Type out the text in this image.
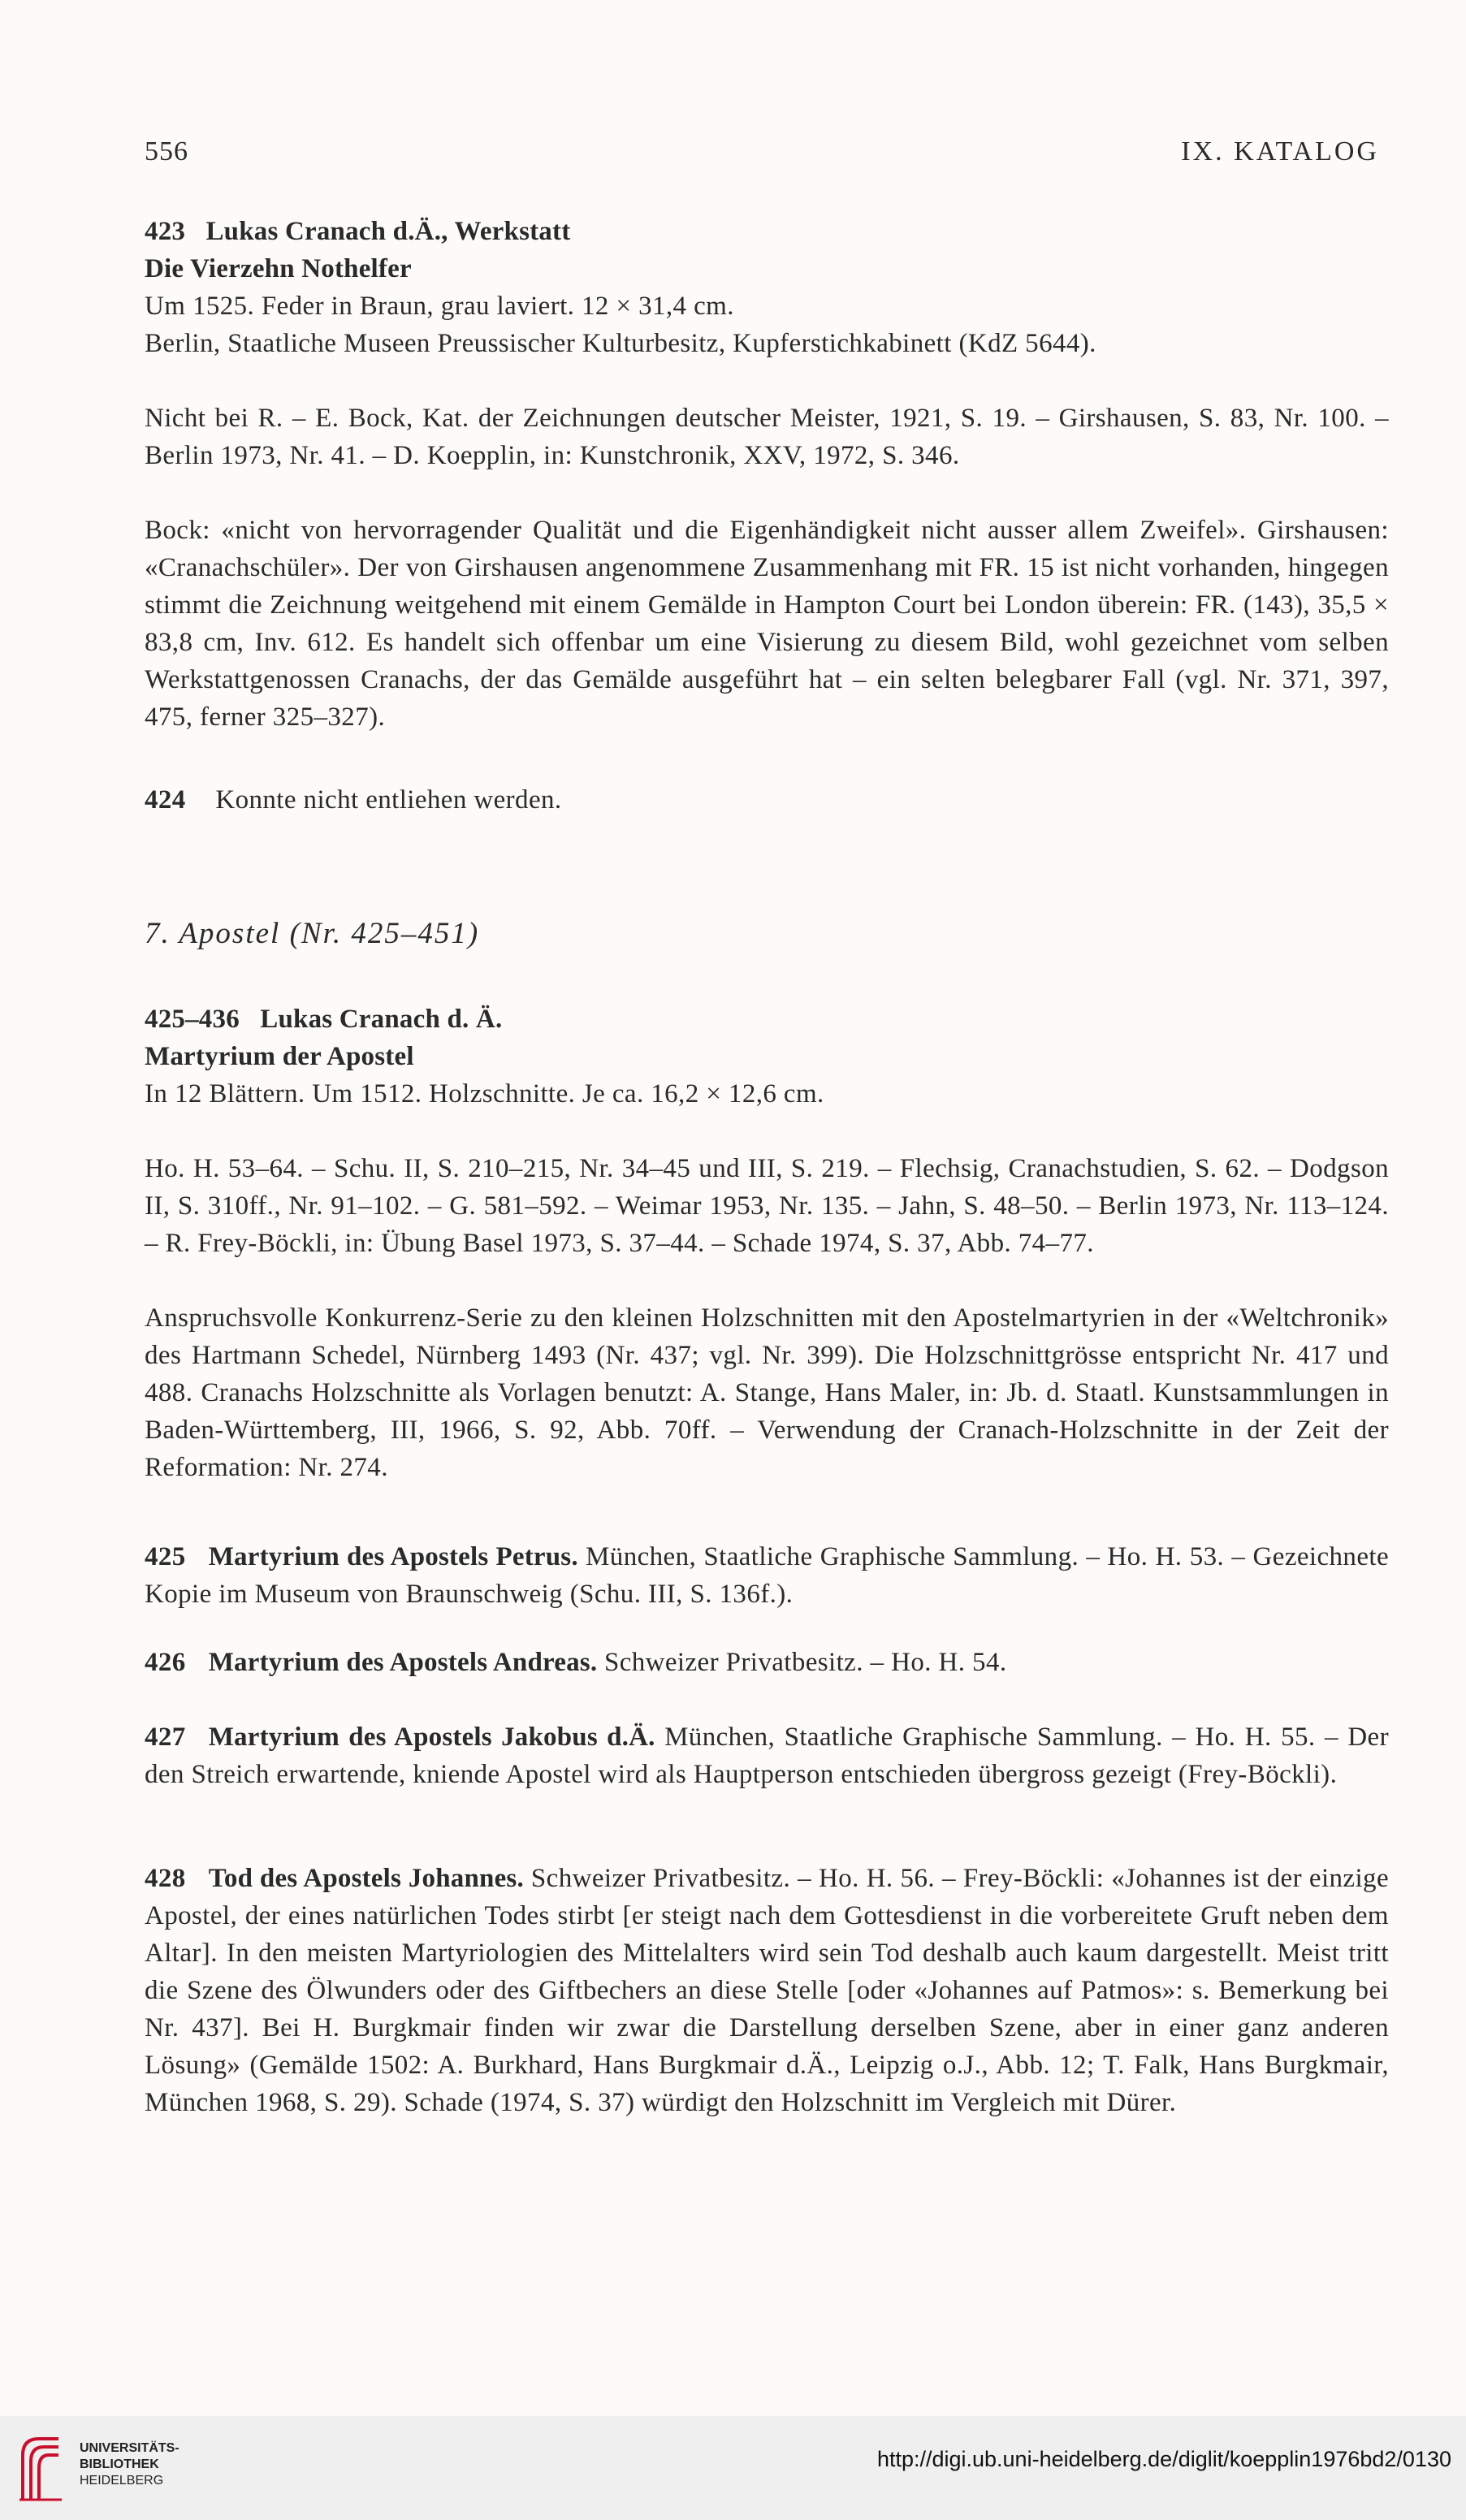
556	IX. KATALOG

423 Lukas Cranach d.Ä., Werkstatt

Die Vierzehn Nothelfer

Um 1525. Feder in Braun, grau laviert. 12 × 31,4 cm.

Berlin, Staatliche Museen Preussischer Kulturbesitz, Kupferstichkabinett (KdZ 5644).

Nicht bei R. – E. Bock, Kat. der Zeichnungen deutscher Meister, 1921, S. 19. – Girshausen, S. 83, Nr. 100. – Berlin 1973, Nr. 41. – D. Koepplin, in: Kunstchronik, XXV, 1972, S. 346.

Bock: «nicht von hervorragender Qualität und die Eigenhändigkeit nicht ausser allem Zweifel». Girshausen: «Cranachschüler». Der von Girshausen angenommene Zusammenhang mit FR. 15 ist nicht vorhanden, hingegen stimmt die Zeichnung weitgehend mit einem Gemälde in Hampton Court bei London überein: FR. (143), 35,5 × 83,8 cm, Inv. 612. Es handelt sich offenbar um eine Visierung zu diesem Bild, wohl gezeichnet vom selben Werkstattgenossen Cranachs, der das Gemälde ausgeführt hat – ein selten belegbarer Fall (vgl. Nr. 371, 397, 475, ferner 325–327).

424 Konnte nicht entliehen werden.

7. Apostel (Nr. 425–451)

425–436 Lukas Cranach d. Ä.

Martyrium der Apostel

In 12 Blättern. Um 1512. Holzschnitte. Je ca. 16,2 × 12,6 cm.

Ho. H. 53–64. – Schu. II, S. 210–215, Nr. 34–45 und III, S. 219. – Flechsig, Cranachstudien, S. 62. – Dodgson II, S. 310ff., Nr. 91–102. – G. 581–592. – Weimar 1953, Nr. 135. – Jahn, S. 48–50. – Berlin 1973, Nr. 113–124. – R. Frey-Böckli, in: Übung Basel 1973, S. 37–44. – Schade 1974, S. 37, Abb. 74–77.

Anspruchsvolle Konkurrenz-Serie zu den kleinen Holzschnitten mit den Apostelmartyrien in der «Weltchronik» des Hartmann Schedel, Nürnberg 1493 (Nr. 437; vgl. Nr. 399). Die Holzschnittgrösse entspricht Nr. 417 und 488. Cranachs Holzschnitte als Vorlagen benutzt: A. Stange, Hans Maler, in: Jb. d. Staatl. Kunstsammlungen in Baden-Württemberg, III, 1966, S. 92, Abb. 70ff. – Verwendung der Cranach-Holzschnitte in der Zeit der Reformation: Nr. 274.

425 Martyrium des Apostels Petrus. München, Staatliche Graphische Sammlung. – Ho. H. 53. – Gezeichnete Kopie im Museum von Braunschweig (Schu. III, S. 136f.).

426 Martyrium des Apostels Andreas. Schweizer Privatbesitz. – Ho. H. 54.

427 Martyrium des Apostels Jakobus d.Ä. München, Staatliche Graphische Sammlung. – Ho. H. 55. – Der den Streich erwartende, kniende Apostel wird als Hauptperson entschieden übergross gezeigt (Frey-Böckli).

428 Tod des Apostels Johannes. Schweizer Privatbesitz. – Ho. H. 56. – Frey-Böckli: «Johannes ist der einzige Apostel, der eines natürlichen Todes stirbt [er steigt nach dem Gottesdienst in die vorbereitete Gruft neben dem Altar]. In den meisten Martyriologien des Mittelalters wird sein Tod deshalb auch kaum dargestellt. Meist tritt die Szene des Ölwunders oder des Giftbechers an diese Stelle [oder «Johannes auf Patmos»: s. Bemerkung bei Nr. 437]. Bei H. Burgkmair finden wir zwar die Darstellung derselben Szene, aber in einer ganz anderen Lösung» (Gemälde 1502: A. Burkhard, Hans Burgkmair d.Ä., Leipzig o.J., Abb. 12; T. Falk, Hans Burgkmair, München 1968, S. 29). Schade (1974, S. 37) würdigt den Holzschnitt im Vergleich mit Dürer.

UNIVERSITÄTS-
BIBLIOTHEK
HEIDELBERG
http://digi.ub.uni-heidelberg.de/diglit/koepplin1976bd2/0130
